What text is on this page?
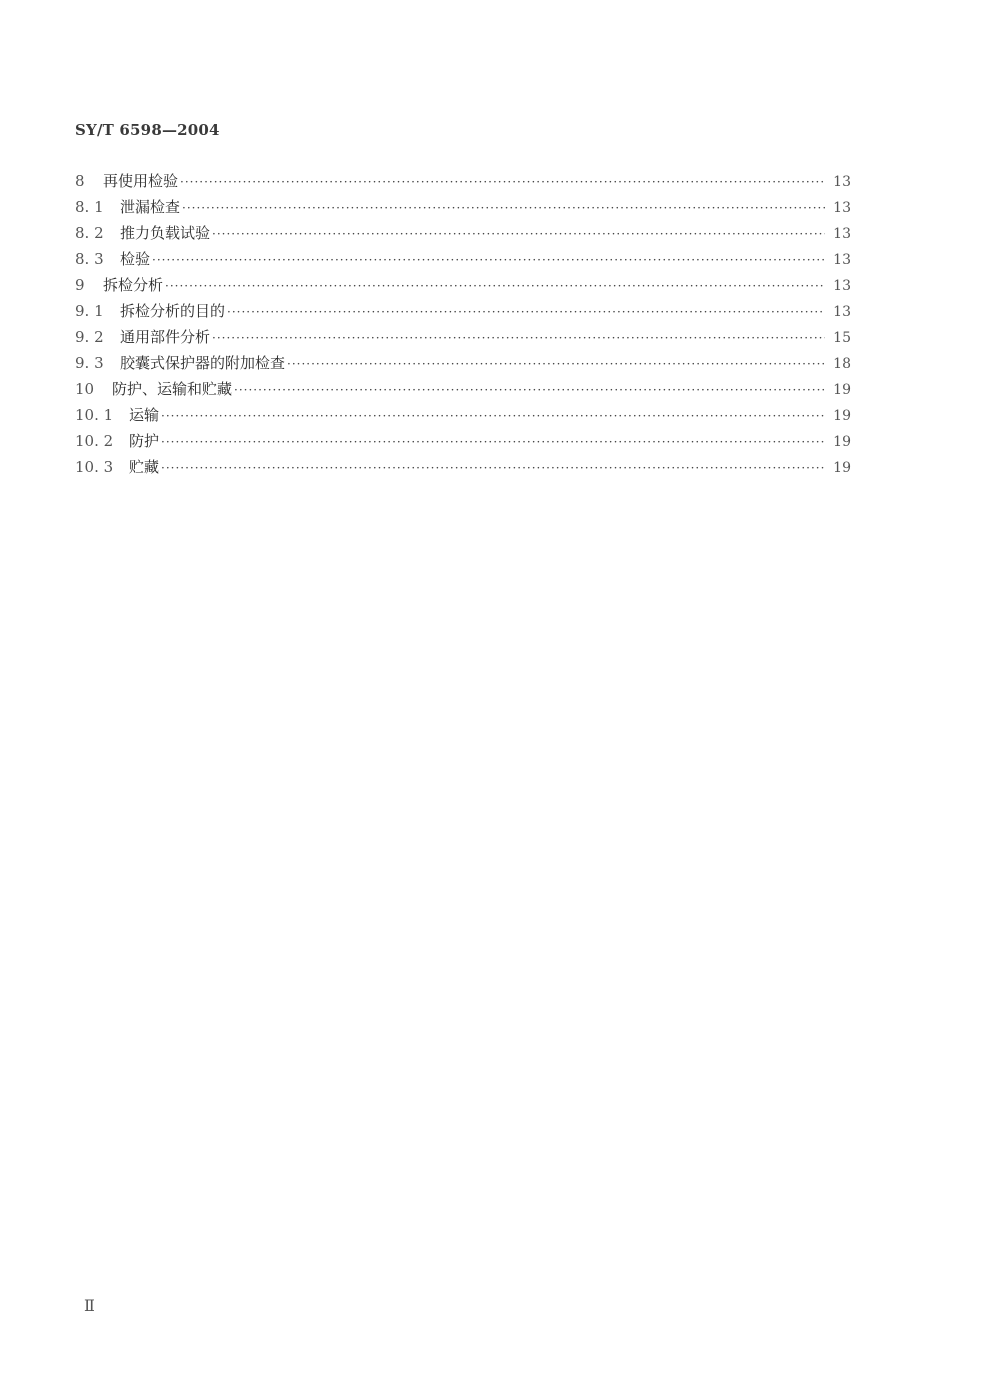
SY/T 6598—2004
8	再使用检验 ·····	13
8. 1	泄漏检查 ·····	13
8. 2	推力负载试验 ·····	13
8. 3	检验 ·····	13
9	拆检分析 ·····	13
9. 1	拆检分析的目的 ·····	13
9. 2	通用部件分析 ·····	15
9. 3	胶囊式保护器的附加检查 ·····	18
10	防护、运输和贮藏 ·····	19
10. 1	运输 ·····	19
10. 2	防护 ·····	19
10. 3	贮藏 ·····	19
Ⅱ
